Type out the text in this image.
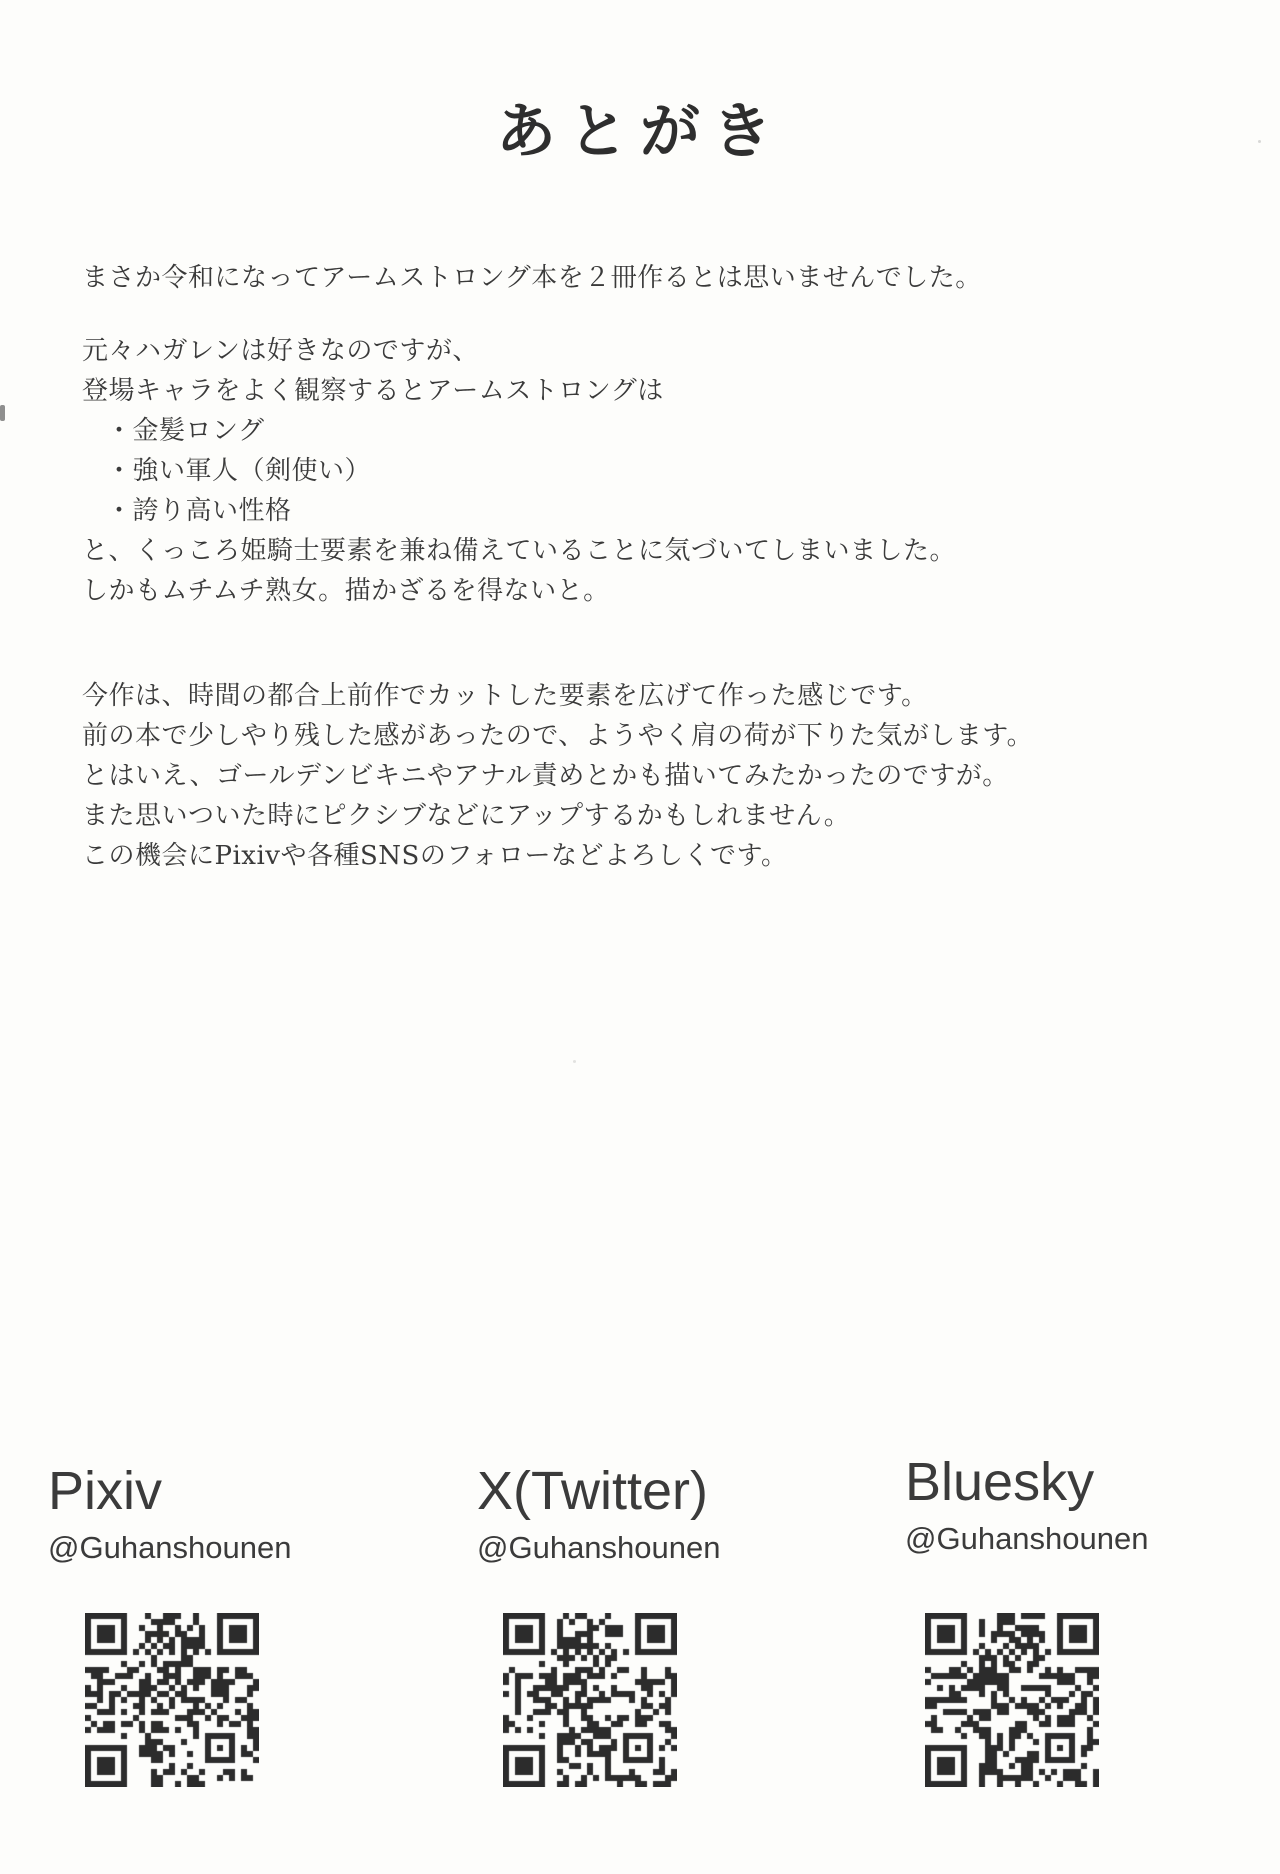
あとがき
まさか令和になってアームストロング本を２冊作るとは思いませんでした。
元々ハガレンは好きなのですが、
登場キャラをよく観察するとアームストロングは
・金髪ロング
・強い軍人（剣使い）
・誇り高い性格
と、くっころ姫騎士要素を兼ね備えていることに気づいてしまいました。
しかもムチムチ熟女。描かざるを得ないと。
今作は、時間の都合上前作でカットした要素を広げて作った感じです。
前の本で少しやり残した感があったので、ようやく肩の荷が下りた気がします。
とはいえ、ゴールデンビキニやアナル責めとかも描いてみたかったのですが。
また思いついた時にピクシブなどにアップするかもしれません。
この機会にPixivや各種SNSのフォローなどよろしくです。
Pixiv
@Guhanshounen
X(Twitter)
@Guhanshounen
Bluesky
@Guhanshounen
